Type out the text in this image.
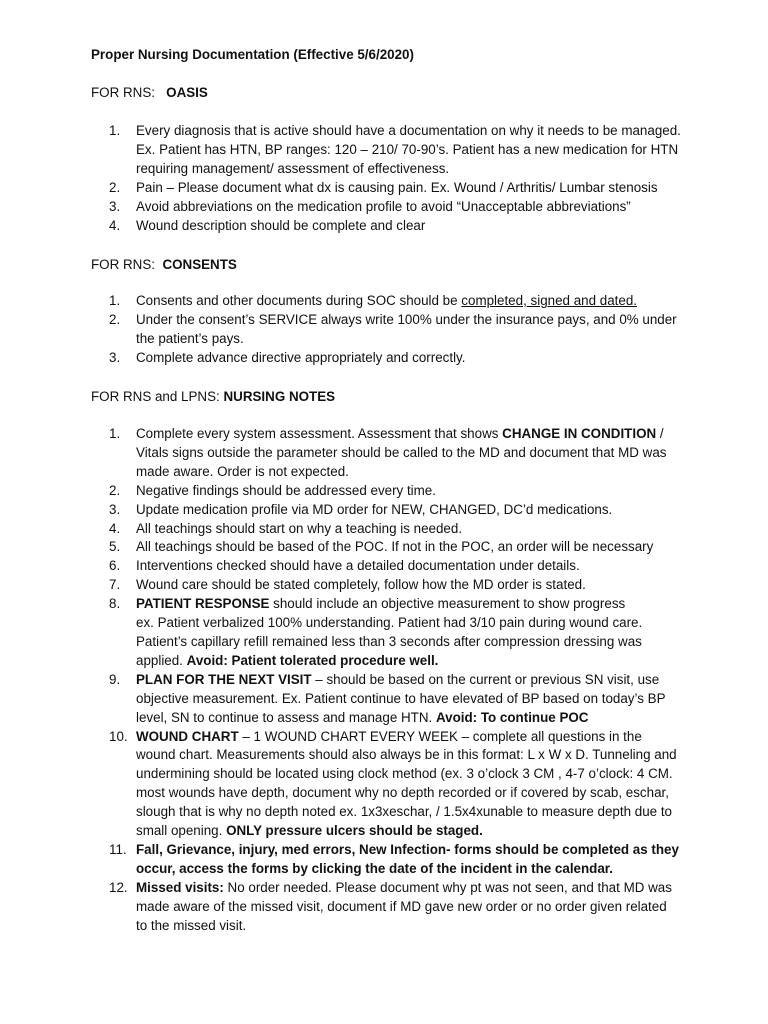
Proper Nursing Documentation (Effective 5/6/2020)
FOR RNS: OASIS
1. Every diagnosis that is active should have a documentation on why it needs to be managed. Ex. Patient has HTN, BP ranges: 120 – 210/ 70-90’s. Patient has a new medication for HTN requiring management/ assessment of effectiveness.
2. Pain – Please document what dx is causing pain. Ex. Wound / Arthritis/ Lumbar stenosis
3. Avoid abbreviations on the medication profile to avoid “Unacceptable abbreviations”
4. Wound description should be complete and clear
FOR RNS: CONSENTS
1. Consents and other documents during SOC should be completed, signed and dated.
2. Under the consent’s SERVICE always write 100% under the insurance pays, and 0% under the patient’s pays.
3. Complete advance directive appropriately and correctly.
FOR RNS and LPNS: NURSING NOTES
1. Complete every system assessment. Assessment that shows CHANGE IN CONDITION / Vitals signs outside the parameter should be called to the MD and document that MD was made aware. Order is not expected.
2. Negative findings should be addressed every time.
3. Update medication profile via MD order for NEW, CHANGED, DC’d medications.
4. All teachings should start on why a teaching is needed.
5. All teachings should be based of the POC. If not in the POC, an order will be necessary
6. Interventions checked should have a detailed documentation under details.
7. Wound care should be stated completely, follow how the MD order is stated.
8. PATIENT RESPONSE should include an objective measurement to show progress
ex. Patient verbalized 100% understanding. Patient had 3/10 pain during wound care. Patient’s capillary refill remained less than 3 seconds after compression dressing was applied. Avoid: Patient tolerated procedure well.
9. PLAN FOR THE NEXT VISIT – should be based on the current or previous SN visit, use objective measurement. Ex. Patient continue to have elevated of BP based on today’s BP level, SN to continue to assess and manage HTN. Avoid: To continue POC
10. WOUND CHART – 1 WOUND CHART EVERY WEEK – complete all questions in the wound chart. Measurements should also always be in this format: L x W x D. Tunneling and undermining should be located using clock method (ex. 3 o’clock 3 CM , 4-7 o’clock: 4 CM. most wounds have depth, document why no depth recorded or if covered by scab, eschar, slough that is why no depth noted ex. 1x3xeschar, / 1.5x4xunable to measure depth due to small opening. ONLY pressure ulcers should be staged.
11. Fall, Grievance, injury, med errors, New Infection- forms should be completed as they occur, access the forms by clicking the date of the incident in the calendar.
12. Missed visits: No order needed. Please document why pt was not seen, and that MD was made aware of the missed visit, document if MD gave new order or no order given related to the missed visit.
